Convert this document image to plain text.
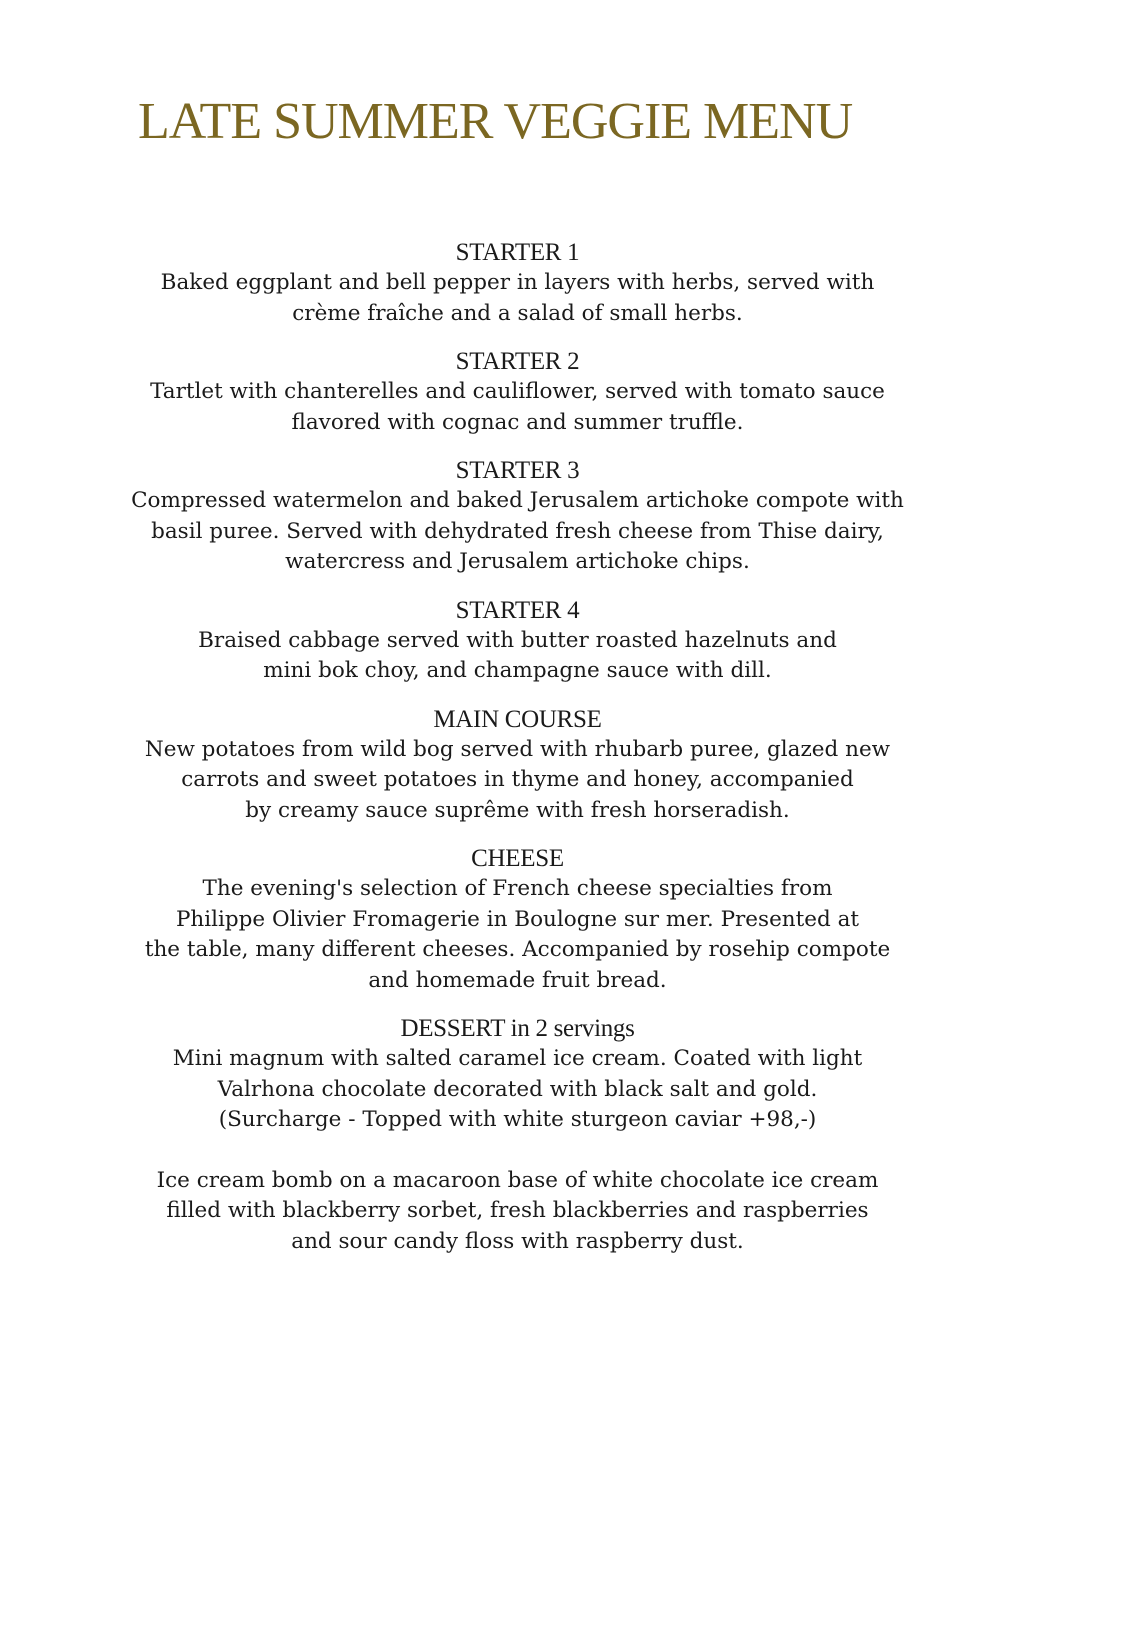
LATE SUMMER VEGGIE MENU

STARTER 1

Baked eggplant and bell pepper in layers with herbs, served with

crème fraîche and a salad of small herbs.

STARTER 2

Tartlet with chanterelles and cauliflower, served with tomato sauce

flavored with cognac and summer truffle.

STARTER 3

Compressed watermelon and baked Jerusalem artichoke compote with

basil puree. Served with dehydrated fresh cheese from Thise dairy,

watercress and Jerusalem artichoke chips.

STARTER 4

Braised cabbage served with butter roasted hazelnuts and

mini bok choy, and champagne sauce with dill.

MAIN COURSE

New potatoes from wild bog served with rhubarb puree, glazed new

carrots and sweet potatoes in thyme and honey, accompanied

by creamy sauce suprême with fresh horseradish.

CHEESE

The evening's selection of French cheese specialties from

Philippe Olivier Fromagerie in Boulogne sur mer. Presented at

the table, many different cheeses. Accompanied by rosehip compote

and homemade fruit bread.

DESSERT in 2 servings

Mini magnum with salted caramel ice cream. Coated with light

Valrhona chocolate decorated with black salt and gold.

(Surcharge - Topped with white sturgeon caviar +98,-)

Ice cream bomb on a macaroon base of white chocolate ice cream

filled with blackberry sorbet, fresh blackberries and raspberries

and sour candy floss with raspberry dust.
